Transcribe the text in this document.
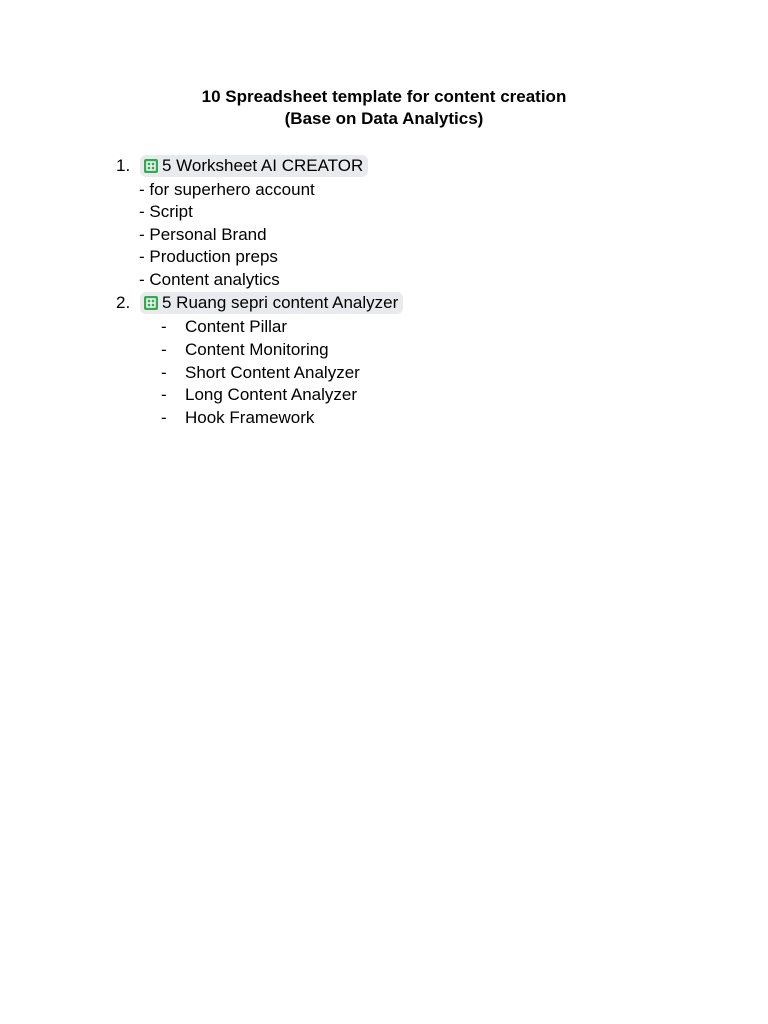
10 Spreadsheet template for content creation
(Base on Data Analytics)
1.	5 Worksheet AI CREATOR
- for superhero account
- Script
- Personal Brand
- Production preps
- Content analytics
2.	5 Ruang sepri content Analyzer
- Content Pillar
- Content Monitoring
- Short Content Analyzer
- Long Content Analyzer
- Hook Framework
